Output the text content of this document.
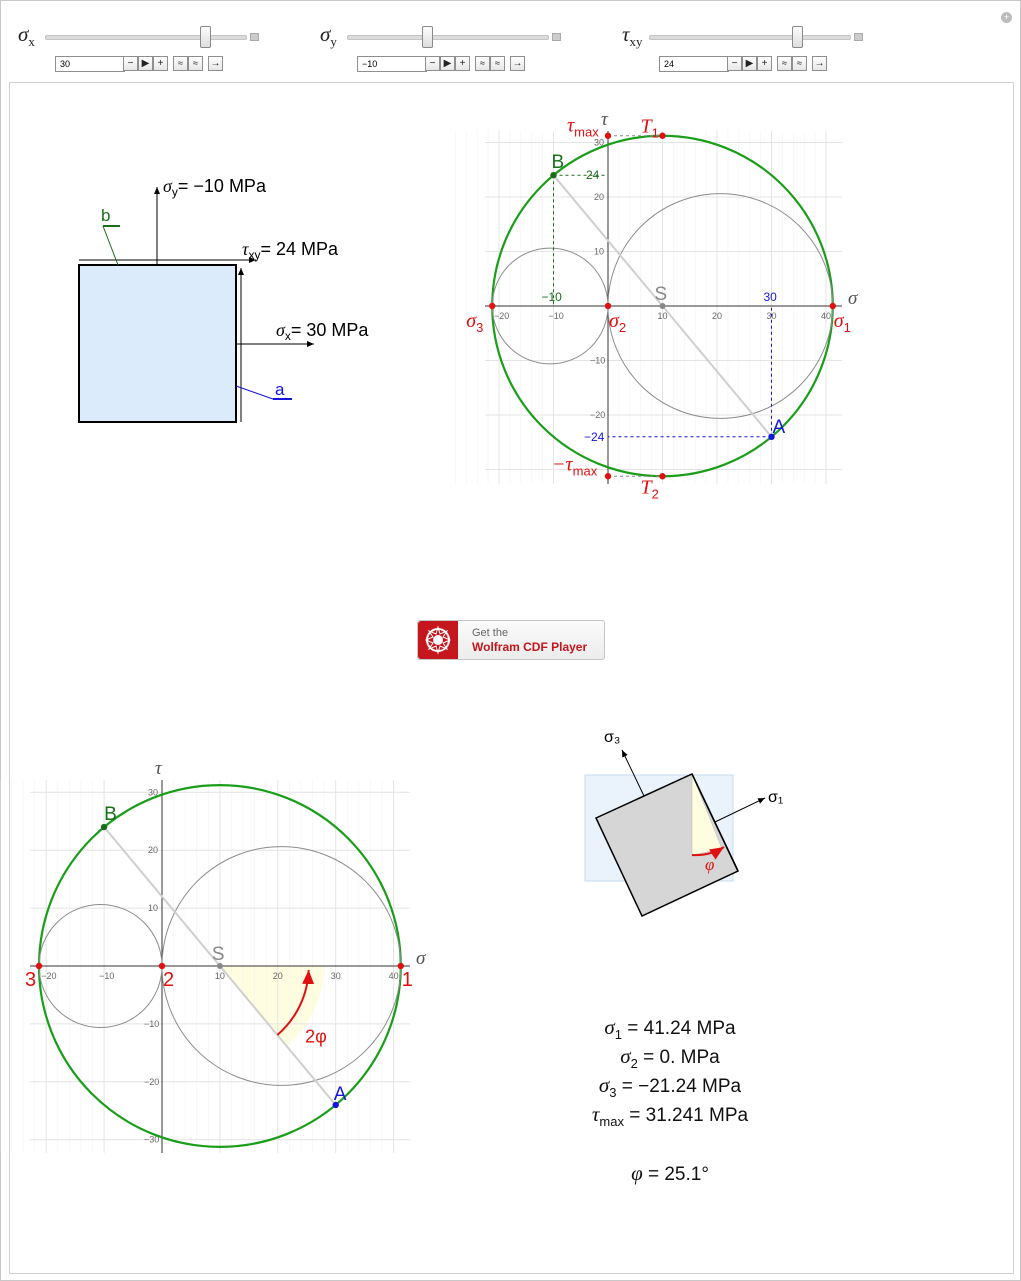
+
$\sigma_x$
30	− ▶ +	≈	≈	→
$\sigma_y$
−10	− ▶ +	≈	≈	→
$\tau_{xy}$
24	− ▶ +	≈	≈	→
$\sigma_y= -10$ MPa
$\tau_{xy}= 24$ MPa
$\sigma_x= 30$ MPa
b
a
−20	−10	10	20	30	40
30
20
10
−10
−20
σ
τ
B
A
S
24
−10	30
−24
$\tau_{max}$
$-\tau_{max}$
$T_1$
$T_2$
$\sigma_1$
$\sigma_2$
$\sigma_3$
−20	−10	10	20	30	40
30
20
10
−10
−20
−30
σ
τ
2φ
B
A
S
1
2
3
σ₃
σ₁
φ
Get the
Wolfram CDF Player
$\sigma_1 = 41.24$ MPa
$\sigma_2 = 0$. MPa
$\sigma_3 = -21.24$ MPa
$\tau_{max} = 31.241$ MPa
φ = 25.1°
